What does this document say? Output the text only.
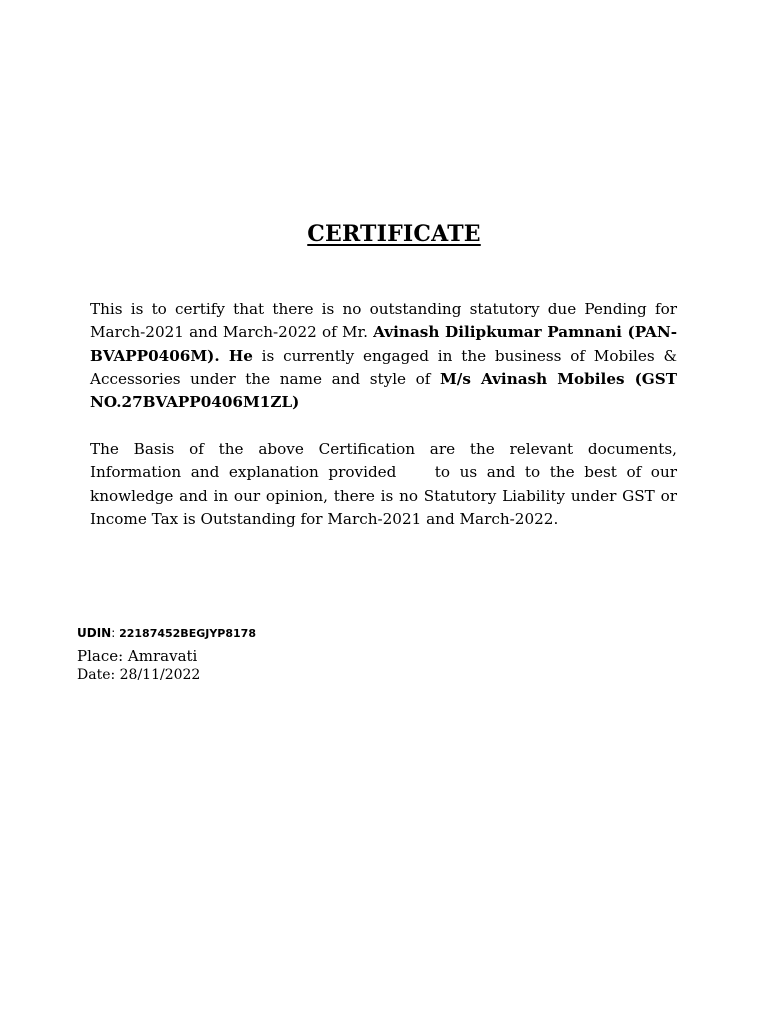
CERTIFICATE
This is to certify that there is no outstanding statutory due Pending for March-2021 and March-2022 of Mr. Avinash Dilipkumar Pamnani (PAN-BVAPP0406M). He is currently engaged in the business of Mobiles & Accessories under the name and style of M/s Avinash Mobiles (GST NO.27BVAPP0406M1ZL)
The Basis of the above Certification are the relevant documents, Information and explanation provided    to us and to the best of our knowledge and in our opinion, there is no Statutory Liability under GST or Income Tax is Outstanding for March-2021 and March-2022.
UDIN: 22187452BEGJYP8178
Place: Amravati
Date: 28/11/2022
